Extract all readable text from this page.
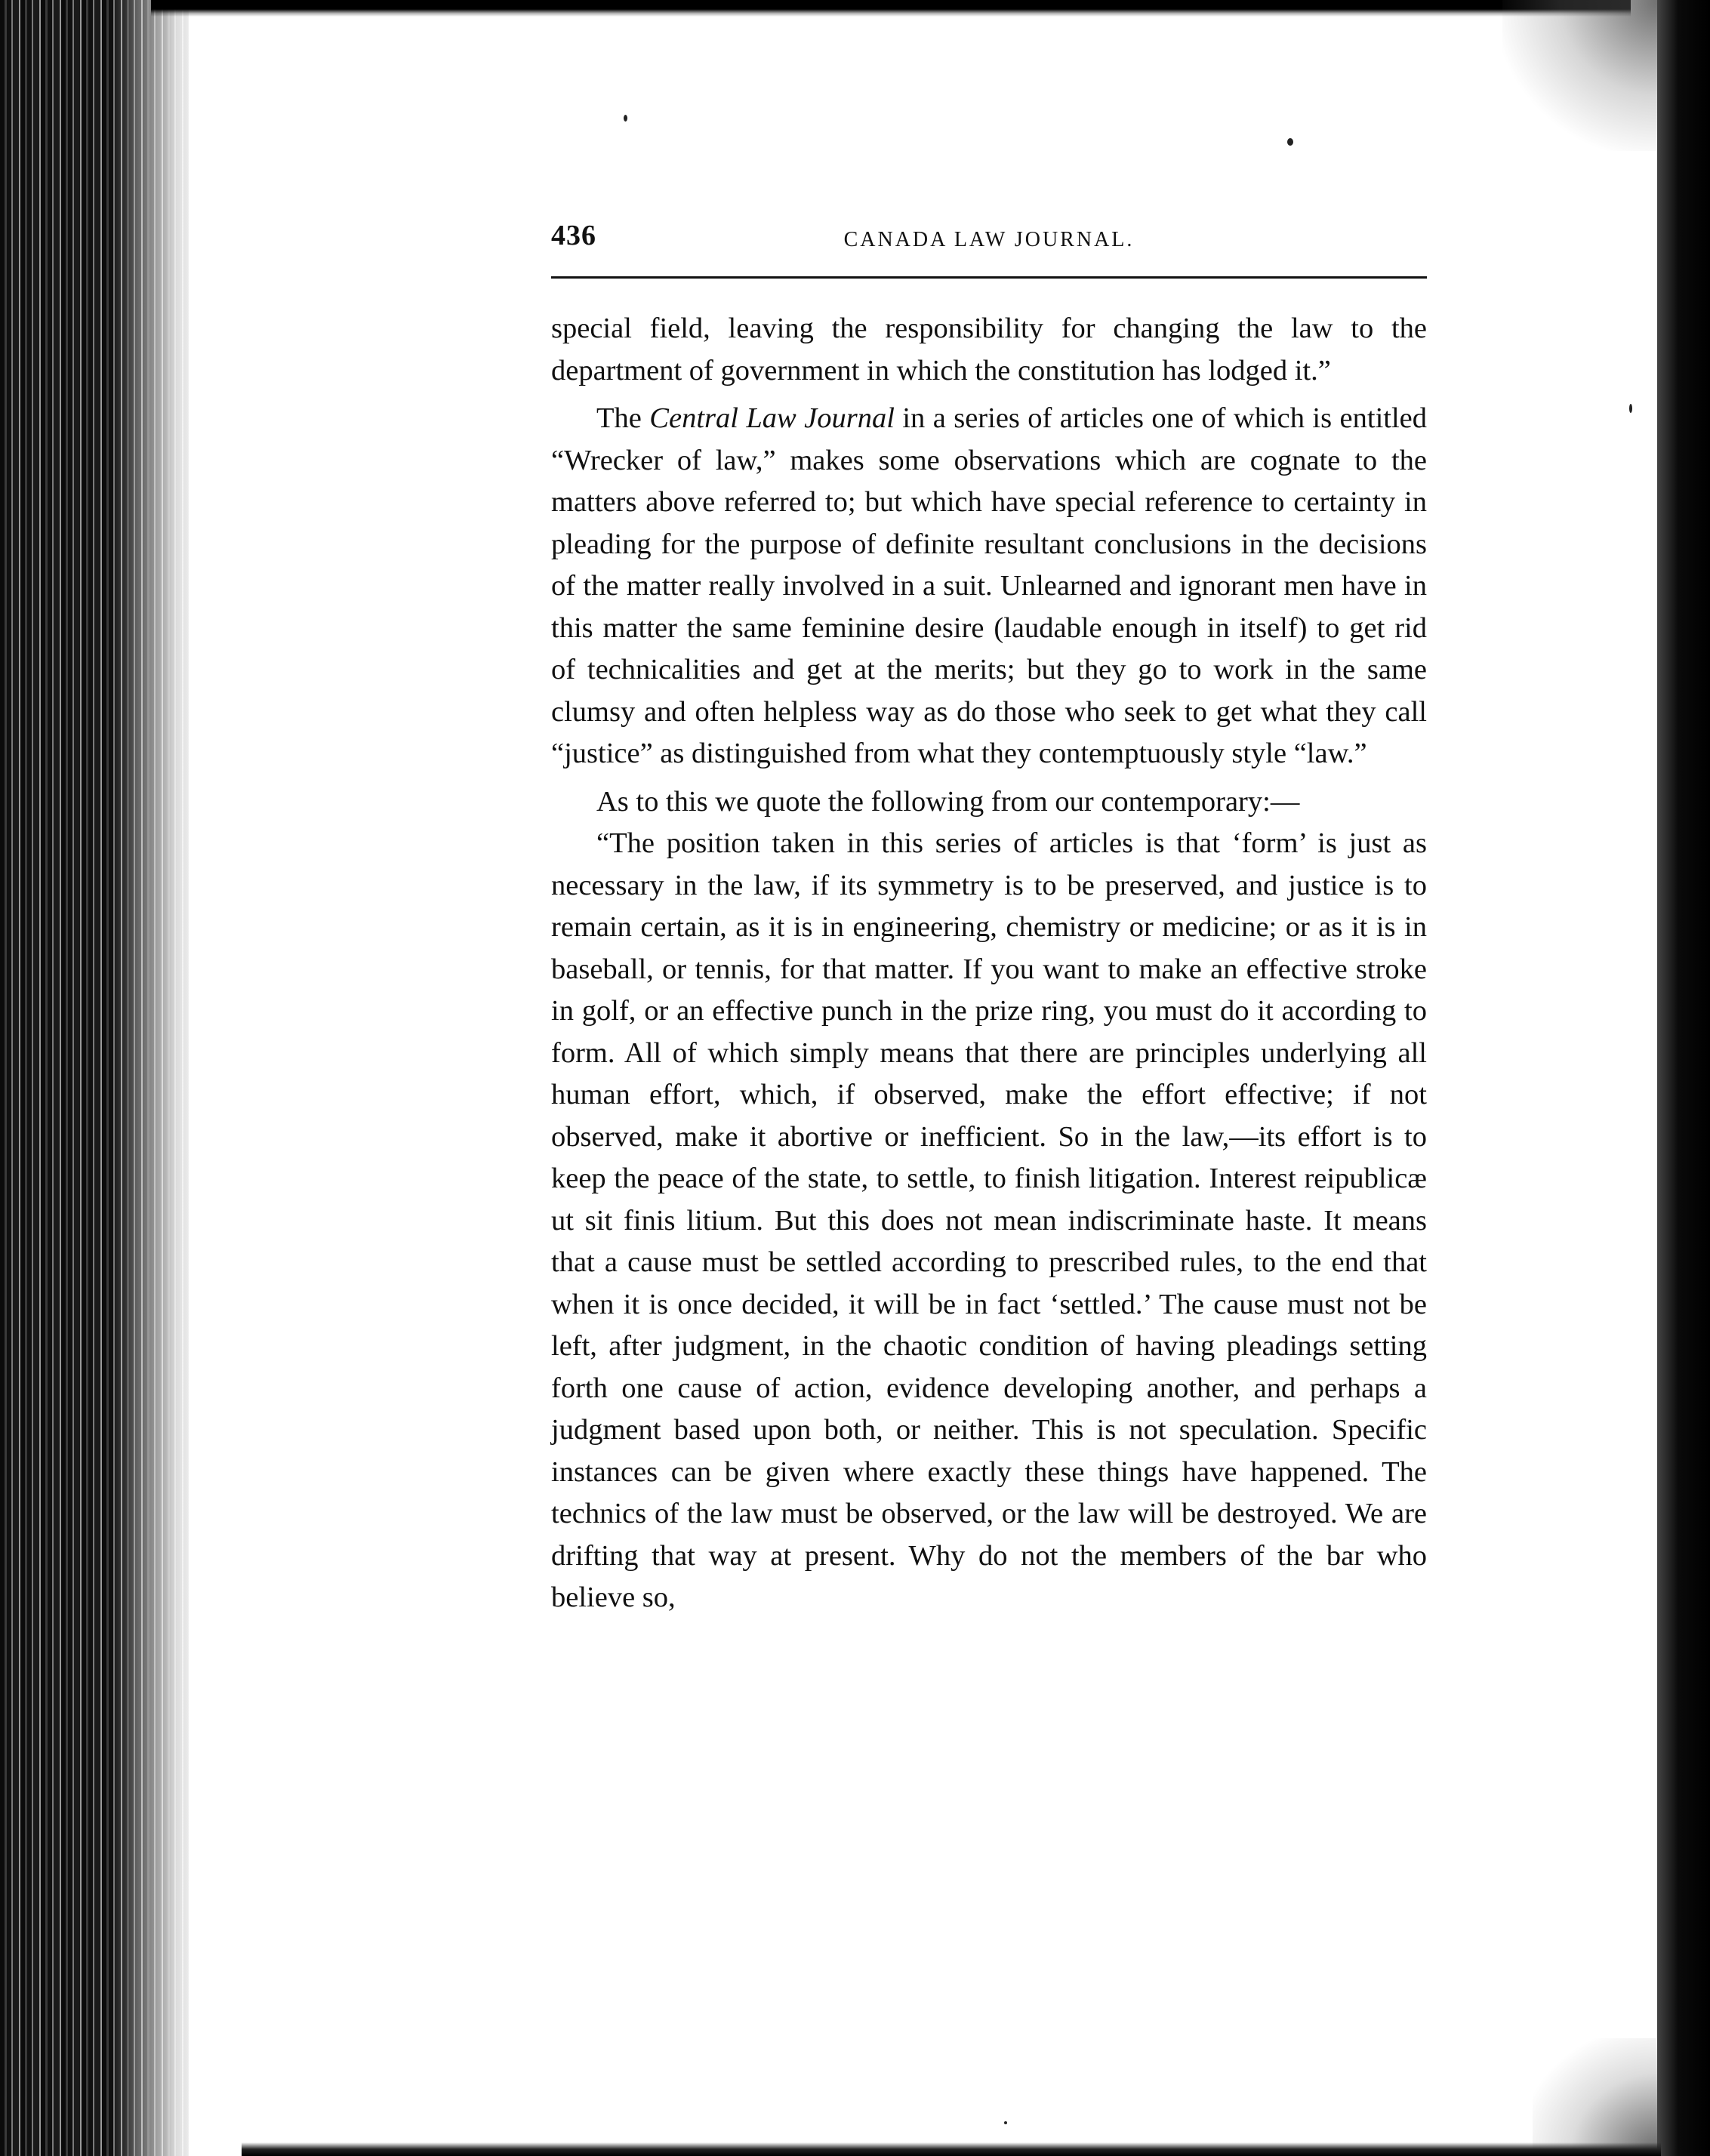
436	CANADA LAW JOURNAL.

special field, leaving the responsibility for changing the law to the department of government in which the constitution has lodged it.”

The Central Law Journal in a series of articles one of which is entitled “Wrecker of law,” makes some observations which are cognate to the matters above referred to; but which have special reference to certainty in pleading for the purpose of definite resultant conclusions in the decisions of the matter really involved in a suit. Unlearned and ignorant men have in this matter the same feminine desire (laudable enough in itself) to get rid of technicalities and get at the merits; but they go to work in the same clumsy and often helpless way as do those who seek to get what they call “justice” as distinguished from what they contemptuously style “law.”

As to this we quote the following from our contemporary:—

“The position taken in this series of articles is that ‘form’ is just as necessary in the law, if its symmetry is to be preserved, and justice is to remain certain, as it is in engineering, chemistry or medicine; or as it is in baseball, or tennis, for that matter. If you want to make an effective stroke in golf, or an effective punch in the prize ring, you must do it according to form. All of which simply means that there are principles underlying all human effort, which, if observed, make the effort effective; if not observed, make it abortive or inefficient. So in the law,—its effort is to keep the peace of the state, to settle, to finish litigation. Interest reipublicæ ut sit finis litium. But this does not mean indiscriminate haste. It means that a cause must be settled according to prescribed rules, to the end that when it is once decided, it will be in fact ‘settled.’ The cause must not be left, after judgment, in the chaotic condition of having pleadings setting forth one cause of action, evidence developing another, and perhaps a judgment based upon both, or neither. This is not speculation. Specific instances can be given where exactly these things have happened. The technics of the law must be observed, or the law will be destroyed. We are drifting that way at present. Why do not the members of the bar who believe so,
